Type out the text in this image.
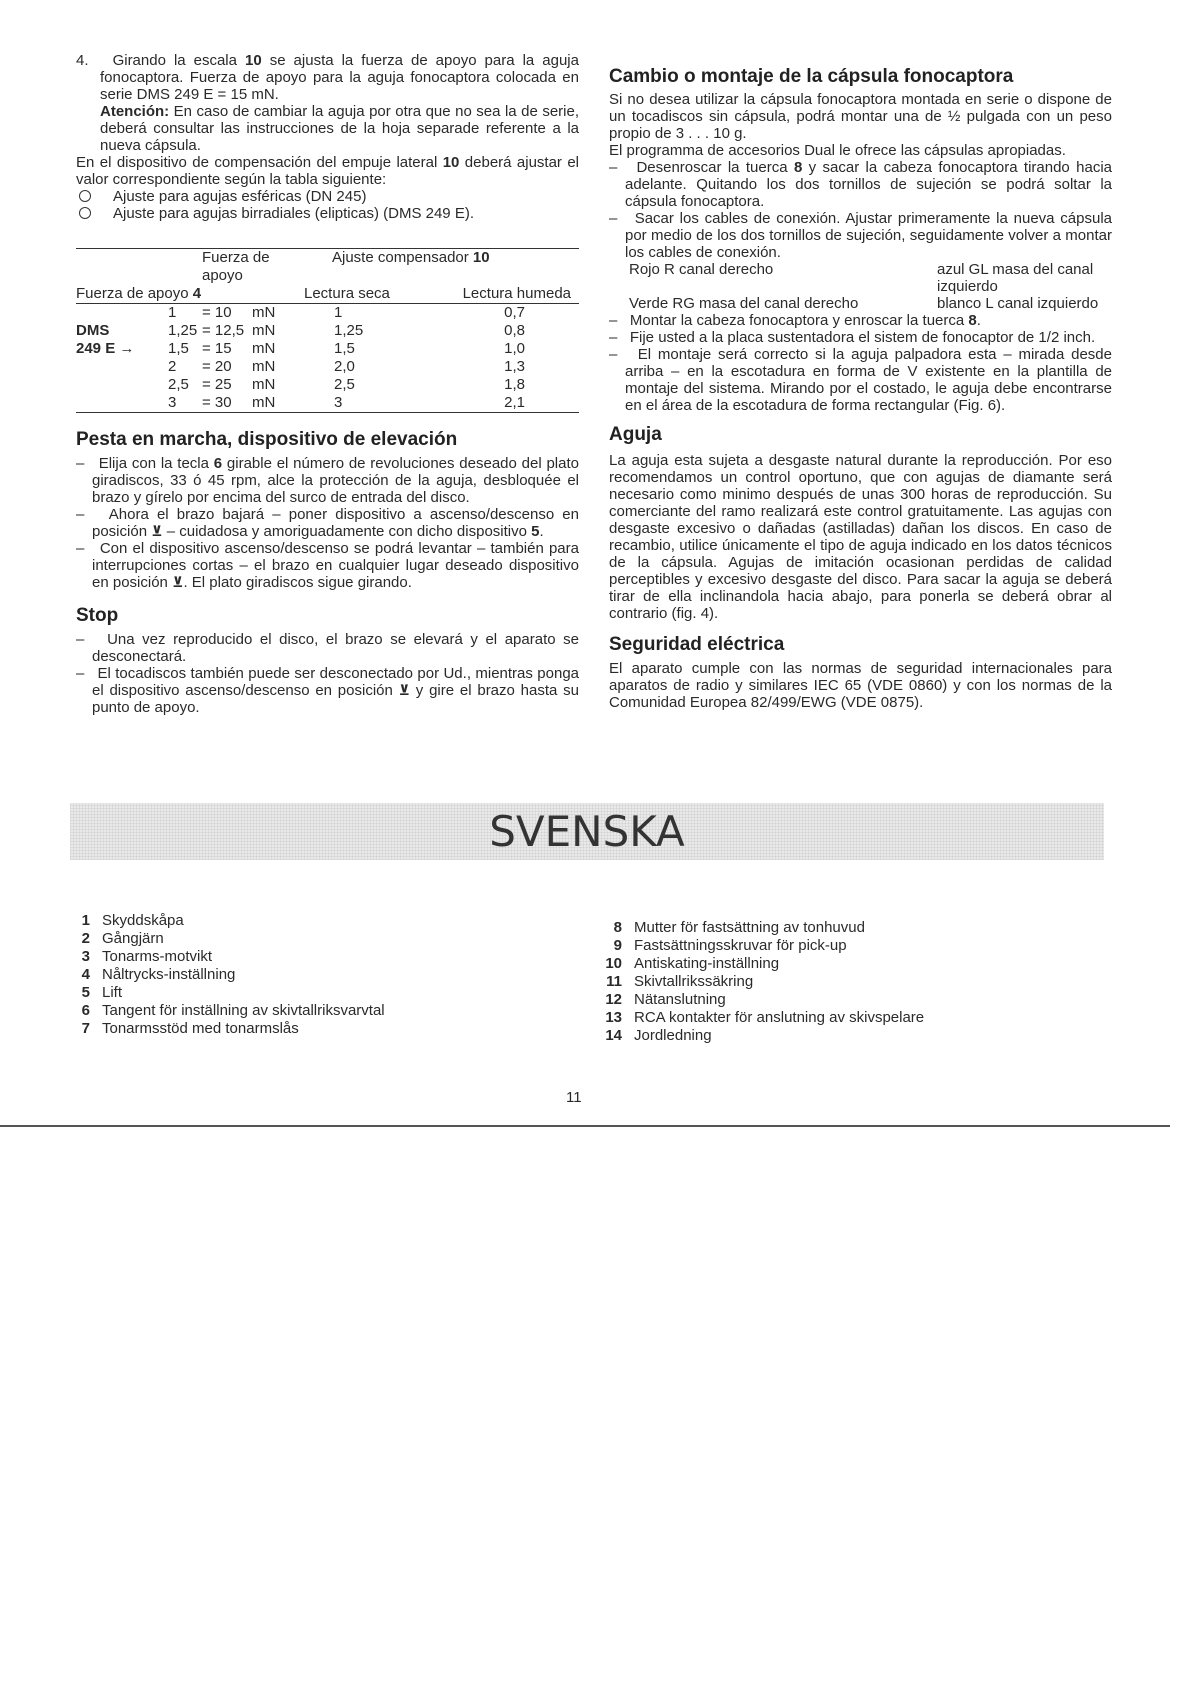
4. Girando la escala 10 se ajusta la fuerza de apoyo para la aguja fonocaptora. Fuerza de apoyo para la aguja fonocaptora colocada en serie DMS 249 E = 15 mN.

Atención: En caso de cambiar la aguja por otra que no sea la de serie, deberá consultar las instrucciones de la hoja separade referente a la nueva cápsula.

En el dispositivo de compensación del empuje lateral 10 deberá ajustar el valor correspondiente según la tabla siguiente:

Ajuste para agujas esféricas (DN 245)

Ajuste para agujas birradiales (elipticas) (DMS 249 E).

		Fuerza de apoyo		Ajuste compensador 10	
Fuerza de apoyo 4				Lectura seca	Lectura humeda
	1	= 10	mN	1	0,7
DMS	1,25	= 12,5	mN	1,25	0,8
249 E →	1,5	= 15	mN	1,5	1,0
	2	= 20	mN	2,0	1,3
	2,5	= 25	mN	2,5	1,8
	3	= 30	mN	3	2,1
Pesta en marcha, dispositivo de elevación

– Elija con la tecla 6 girable el número de revoluciones deseado del plato giradiscos, 33 ó 45 rpm, alce la protección de la aguja, desbloquée el brazo y gírelo por encima del surco de entrada del disco.

– Ahora el brazo bajará – poner dispositivo a ascenso/descenso en posición ⊻ – cuidadosa y amoriguadamente con dicho dispositivo 5.

– Con el dispositivo ascenso/descenso se podrá levantar – también para interrupciones cortas – el brazo en cualquier lugar deseado dispositivo en posición ⊻. El plato giradiscos sigue girando.

Stop

– Una vez reproducido el disco, el brazo se elevará y el aparato se desconectará.

– El tocadiscos también puede ser desconectado por Ud., mientras ponga el dispositivo ascenso/descenso en posición ⊻ y gire el brazo hasta su punto de apoyo.

Cambio o montaje de la cápsula fonocaptora

Si no desea utilizar la cápsula fonocaptora montada en serie o dispone de un tocadiscos sin cápsula, podrá montar una de ½ pulgada con un peso propio de 3 . . . 10 g.

El programma de accesorios Dual le ofrece las cápsulas apropiadas.

– Desenroscar la tuerca 8 y sacar la cabeza fonocaptora tirando hacia adelante. Quitando los dos tornillos de sujeción se podrá soltar la cápsula fonocaptora.

– Sacar los cables de conexión. Ajustar primeramente la nueva cápsula por medio de los dos tornillos de sujeción, seguidamente volver a montar los cables de conexión.

Rojo R canal derecho	azul GL masa del canal izquierdo
Verde RG masa del canal derecho	blanco L canal izquierdo

– Montar la cabeza fonocaptora y enroscar la tuerca 8.

– Fije usted a la placa sustentadora el sistem de fonocaptor de 1/2 inch.

– El montaje será correcto si la aguja palpadora esta – mirada desde arriba – en la escotadura en forma de V existente en la plantilla de montaje del sistema. Mirando por el costado, le aguja debe encontrarse en el área de la escotadura de forma rectangular (Fig. 6).

Aguja

La aguja esta sujeta a desgaste natural durante la reproducción. Por eso recomendamos un control oportuno, que con agujas de diamante será necesario como minimo después de unas 300 horas de reproducción. Su comerciante del ramo realizará este control gratuitamente. Las agujas con desgaste excesivo o dañadas (astilladas) dañan los discos. En caso de recambio, utilice únicamente el tipo de aguja indicado en los datos técnicos de la cápsula. Agujas de imitación ocasionan perdidas de calidad perceptibles y excesivo desgaste del disco. Para sacar la aguja se deberá tirar de ella inclinandola hacia abajo, para ponerla se deberá obrar al contrario (fig. 4).

Seguridad eléctrica

El aparato cumple con las normas de seguridad internacionales para aparatos de radio y similares IEC 65 (VDE 0860) y con los normas de la Comunidad Europea 82/499/EWG (VDE 0875).

SVENSKA
1 Skyddskåpa
2 Gångjärn
3 Tonarms-motvikt
4 Nåltrycks-inställning
5 Lift
6 Tangent för inställning av skivtallriksvarvtal
7 Tonarmsstöd med tonarmslås
8 Mutter för fastsättning av tonhuvud
9 Fastsättningsskruvar för pick-up
10 Antiskating-inställning
11 Skivtallrikssäkring
12 Nätanslutning
13 RCA kontakter för anslutning av skivspelare
14 Jordledning
11
